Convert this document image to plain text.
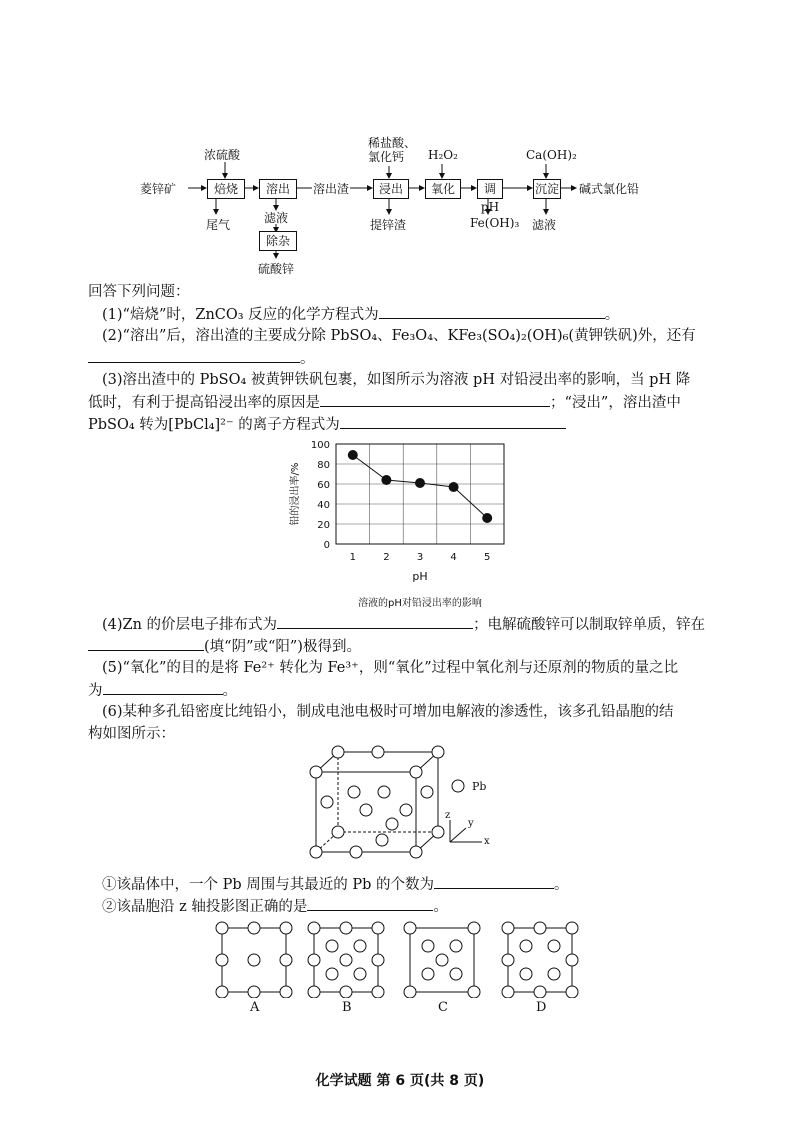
菱锌矿
浓硫酸
焙烧
尾气
溶出
滤液
除杂
硫酸锌
溶出渣
稀盐酸、
氯化钙
浸出
提锌渣
H₂O₂
氧化	调pH
Fe(OH)₃
Ca(OH)₂
沉淀
滤液
碱式氯化铅
回答下列问题：
(1)“焙烧”时，ZnCO₃ 反应的化学方程式为	。
(2)“溶出”后，溶出渣的主要成分除 PbSO₄、Fe₃O₄、KFe₃(SO₄)₂(OH)₆(黄钾铁矾)外，还有
。
(3)溶出渣中的 PbSO₄ 被黄钾铁矾包裹，如图所示为溶液 pH 对铅浸出率的影响，当 pH 降
低时，有利于提高铅浸出率的原因是	；“浸出”，溶出渣中
PbSO₄ 转为[PbCl₄]²⁻ 的离子方程式为
0
20
40
60
80
100
1	2	3	4	5
铅的浸出率/%
pH
溶液的pH对铅浸出率的影响
(4)Zn 的价层电子排布式为	；电解硫酸锌可以制取锌单质，锌在
(填“阴”或“阳”)极得到。
(5)“氧化”的目的是将 Fe²⁺ 转化为 Fe³⁺，则“氧化”过程中氧化剂与还原剂的物质的量之比
为	。
(6)某种多孔铅密度比纯铅小，制成电池电极时可增加电解液的渗透性，该多孔铅晶胞的结
构如图所示：
Pb
z
y
x
①该晶体中，一个 Pb 周围与其最近的 Pb 的个数为	。
②该晶胞沿 z 轴投影图正确的是	。
A	B	C	D
化学试题 第 6 页(共 8 页)
